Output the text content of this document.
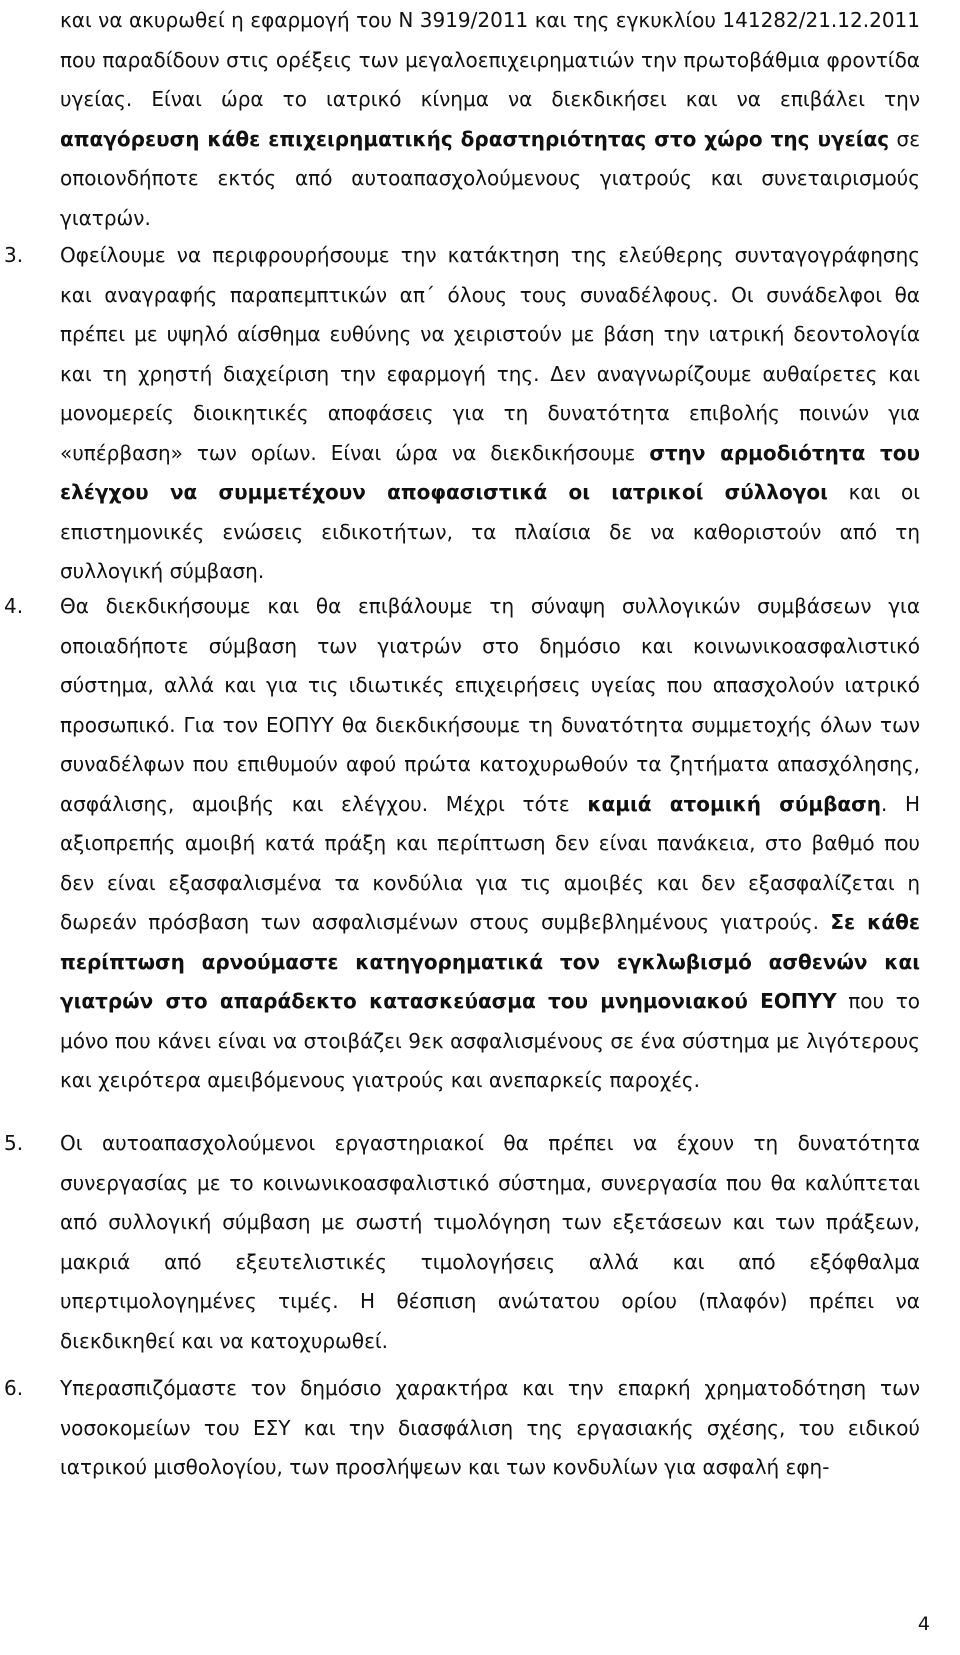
και να ακυρωθεί η εφαρμογή του Ν 3919/2011 και της εγκυκλίου 141282/21.12.2011 που παραδίδουν στις ορέξεις των μεγαλοεπιχειρηματιών την πρωτοβάθμια φροντίδα υγείας. Είναι ώρα το ιατρικό κίνημα να διεκδικήσει και να επιβάλει την απαγόρευση κάθε επιχειρηματικής δραστηριότητας στο χώρο της υγείας σε οποιονδήποτε εκτός από αυτοαπασχολούμενους γιατρούς και συνεταιρισμούς γιατρών.

3. Οφείλουμε να περιφρουρήσουμε την κατάκτηση της ελεύθερης συνταγογράφησης και αναγραφής παραπεμπτικών απ΄ όλους τους συναδέλφους. Οι συνάδελφοι θα πρέπει με υψηλό αίσθημα ευθύνης να χειριστούν με βάση την ιατρική δεοντολογία και τη χρηστή διαχείριση την εφαρμογή της. Δεν αναγνωρίζουμε αυθαίρετες και μονομερείς διοικητικές αποφάσεις για τη δυνατότητα επιβολής ποινών για «υπέρβαση» των ορίων. Είναι ώρα να διεκδικήσουμε στην αρμοδιότητα του ελέγχου να συμμετέχουν αποφασιστικά οι ιατρικοί σύλλογοι και οι επιστημονικές ενώσεις ειδικοτήτων, τα πλαίσια δε να καθοριστούν από τη συλλογική σύμβαση.

4. Θα διεκδικήσουμε και θα επιβάλουμε τη σύναψη συλλογικών συμβάσεων για οποιαδήποτε σύμβαση των γιατρών στο δημόσιο και κοινωνικοασφαλιστικό σύστημα, αλλά και για τις ιδιωτικές επιχειρήσεις υγείας που απασχολούν ιατρικό προσωπικό. Για τον ΕΟΠΥΥ θα διεκδικήσουμε τη δυνατότητα συμμετοχής όλων των συναδέλφων που επιθυμούν αφού πρώτα κατοχυρωθούν τα ζητήματα απασχόλησης, ασφάλισης, αμοιβής και ελέγχου. Μέχρι τότε καμιά ατομική σύμβαση. Η αξιοπρεπής αμοιβή κατά πράξη και περίπτωση δεν είναι πανάκεια, στο βαθμό που δεν είναι εξασφαλισμένα τα κονδύλια για τις αμοιβές και δεν εξασφαλίζεται η δωρεάν πρόσβαση των ασφαλισμένων στους συμβεβλημένους γιατρούς. Σε κάθε περίπτωση αρνούμαστε κατηγορηματικά τον εγκλωβισμό ασθενών και γιατρών στο απαράδεκτο κατασκεύασμα του μνημονιακού ΕΟΠΥΥ που το μόνο που κάνει είναι να στοιβάζει 9εκ ασφαλισμένους σε ένα σύστημα με λιγότερους και χειρότερα αμειβόμενους γιατρούς και ανεπαρκείς παροχές.

5. Οι αυτοαπασχολούμενοι εργαστηριακοί θα πρέπει να έχουν τη δυνατότητα συνεργασίας με το κοινωνικοασφαλιστικό σύστημα, συνεργασία που θα καλύπτεται από συλλογική σύμβαση με σωστή τιμολόγηση των εξετάσεων και των πράξεων, μακριά από εξευτελιστικές τιμολογήσεις αλλά και από εξόφθαλμα υπερτιμολογημένες τιμές. Η θέσπιση ανώτατου ορίου (πλαφόν) πρέπει να διεκδικηθεί και να κατοχυρωθεί.

6. Υπερασπιζόμαστε τον δημόσιο χαρακτήρα και την επαρκή χρηματοδότηση των νοσοκομείων του ΕΣΥ και την διασφάλιση της εργασιακής σχέσης, του ειδικού ιατρικού μισθολογίου, των προσλήψεων και των κονδυλίων για ασφαλή εφη-

4
